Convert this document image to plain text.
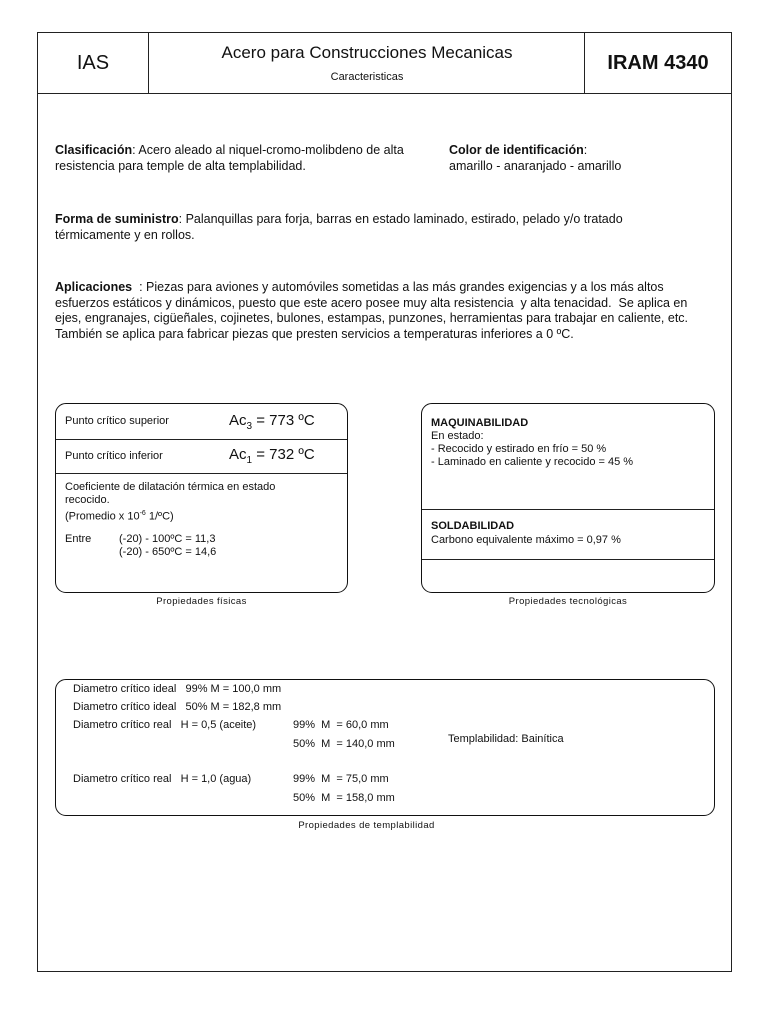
IAS	Acero para Construcciones Mecanicas
Caracteristicas
IRAM 4340

Clasificación: Acero aleado al niquel-cromo-molibdeno de alta resistencia para temple de alta templabilidad.

Color de identificación:
amarillo - anaranjado - amarillo

Forma de suministro: Palanquillas para forja, barras en estado laminado, estirado, pelado y/o tratado térmicamente y en rollos.

Aplicaciones  : Piezas para aviones y automóviles sometidas a las más grandes exigencias y a los más altos esfuerzos estáticos y dinámicos, puesto que este acero posee muy alta resistencia  y alta tenacidad.  Se aplica en ejes, engranajes, cigüeñales, cojinetes, bulones, estampas, punzones, herramientas para trabajar en caliente, etc. También se aplica para fabricar piezas que presten servicios a temperaturas inferiores a 0 ºC.

Punto crítico superior	$Ac_3 = 773$ ºC
Punto crítico inferior	$Ac_1 = 732$ ºC
Coeficiente de dilatación térmica en estado
recocido.
(Promedio x $10^{-6}$ 1/ºC)
Entre	(-20) - 100ºC = 11,3
(-20) - 650ºC = 14,6
Propiedades físicas
MAQUINABILIDAD
En estado:
- Recocido y estirado en frío = 50 %
- Laminado en caliente y recocido = 45 %
SOLDABILIDAD
Carbono equivalente máximo = 0,97 %
Propiedades tecnológicas
Diametro crítico ideal   99% M = 100,0 mm
Diametro crítico ideal   50% M = 182,8 mm
Diametro crítico real   H = 0,5 (aceite)	99%  M  = 60,0 mm
50%  M  = 140,0 mm	Templabilidad: Bainítica
Diametro crítico real   H = 1,0 (agua)	99%  M  = 75,0 mm
50%  M  = 158,0 mm
Propiedades de templabilidad
